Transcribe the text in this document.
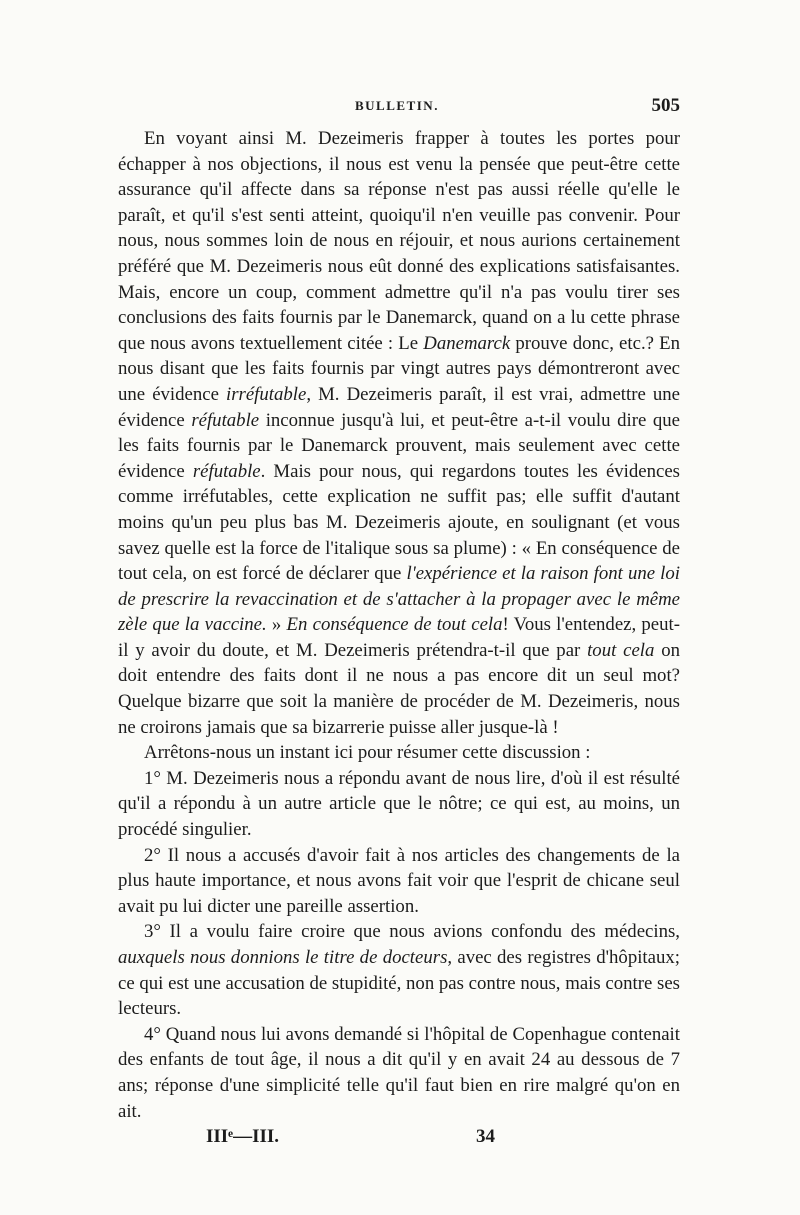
BULLETIN.	505

En voyant ainsi M. Dezeimeris frapper à toutes les portes pour échapper à nos objections, il nous est venu la pensée que peut-être cette assurance qu'il affecte dans sa réponse n'est pas aussi réelle qu'elle le paraît, et qu'il s'est senti atteint, quoiqu'il n'en veuille pas convenir. Pour nous, nous sommes loin de nous en réjouir, et nous aurions certainement préféré que M. Dezeimeris nous eût donné des explications satisfaisantes. Mais, encore un coup, comment admettre qu'il n'a pas voulu tirer ses conclusions des faits fournis par le Danemarck, quand on a lu cette phrase que nous avons textuellement citée : Le Danemarck prouve donc, etc.? En nous disant que les faits fournis par vingt autres pays démontreront avec une évidence irréfutable, M. Dezeimeris paraît, il est vrai, admettre une évidence réfutable inconnue jusqu'à lui, et peut-être a-t-il voulu dire que les faits fournis par le Danemarck prouvent, mais seulement avec cette évidence réfutable. Mais pour nous, qui regardons toutes les évidences comme irréfutables, cette explication ne suffit pas; elle suffit d'autant moins qu'un peu plus bas M. Dezeimeris ajoute, en soulignant (et vous savez quelle est la force de l'italique sous sa plume) : « En conséquence de tout cela, on est forcé de déclarer que l'expérience et la raison font une loi de prescrire la revaccination et de s'attacher à la propager avec le même zèle que la vaccine. » En conséquence de tout cela! Vous l'entendez, peut-il y avoir du doute, et M. Dezeimeris prétendra-t-il que par tout cela on doit entendre des faits dont il ne nous a pas encore dit un seul mot? Quelque bizarre que soit la manière de procéder de M. Dezeimeris, nous ne croirons jamais que sa bizarrerie puisse aller jusque-là !

Arrêtons-nous un instant ici pour résumer cette discussion :

1° M. Dezeimeris nous a répondu avant de nous lire, d'où il est résulté qu'il a répondu à un autre article que le nôtre; ce qui est, au moins, un procédé singulier.

2° Il nous a accusés d'avoir fait à nos articles des changements de la plus haute importance, et nous avons fait voir que l'esprit de chicane seul avait pu lui dicter une pareille assertion.

3° Il a voulu faire croire que nous avions confondu des médecins, auxquels nous donnions le titre de docteurs, avec des registres d'hôpitaux; ce qui est une accusation de stupidité, non pas contre nous, mais contre ses lecteurs.

4° Quand nous lui avons demandé si l'hôpital de Copenhague contenait des enfants de tout âge, il nous a dit qu'il y en avait 24 au dessous de 7 ans; réponse d'une simplicité telle qu'il faut bien en rire malgré qu'on en ait.

IIIᵉ—III.	34
